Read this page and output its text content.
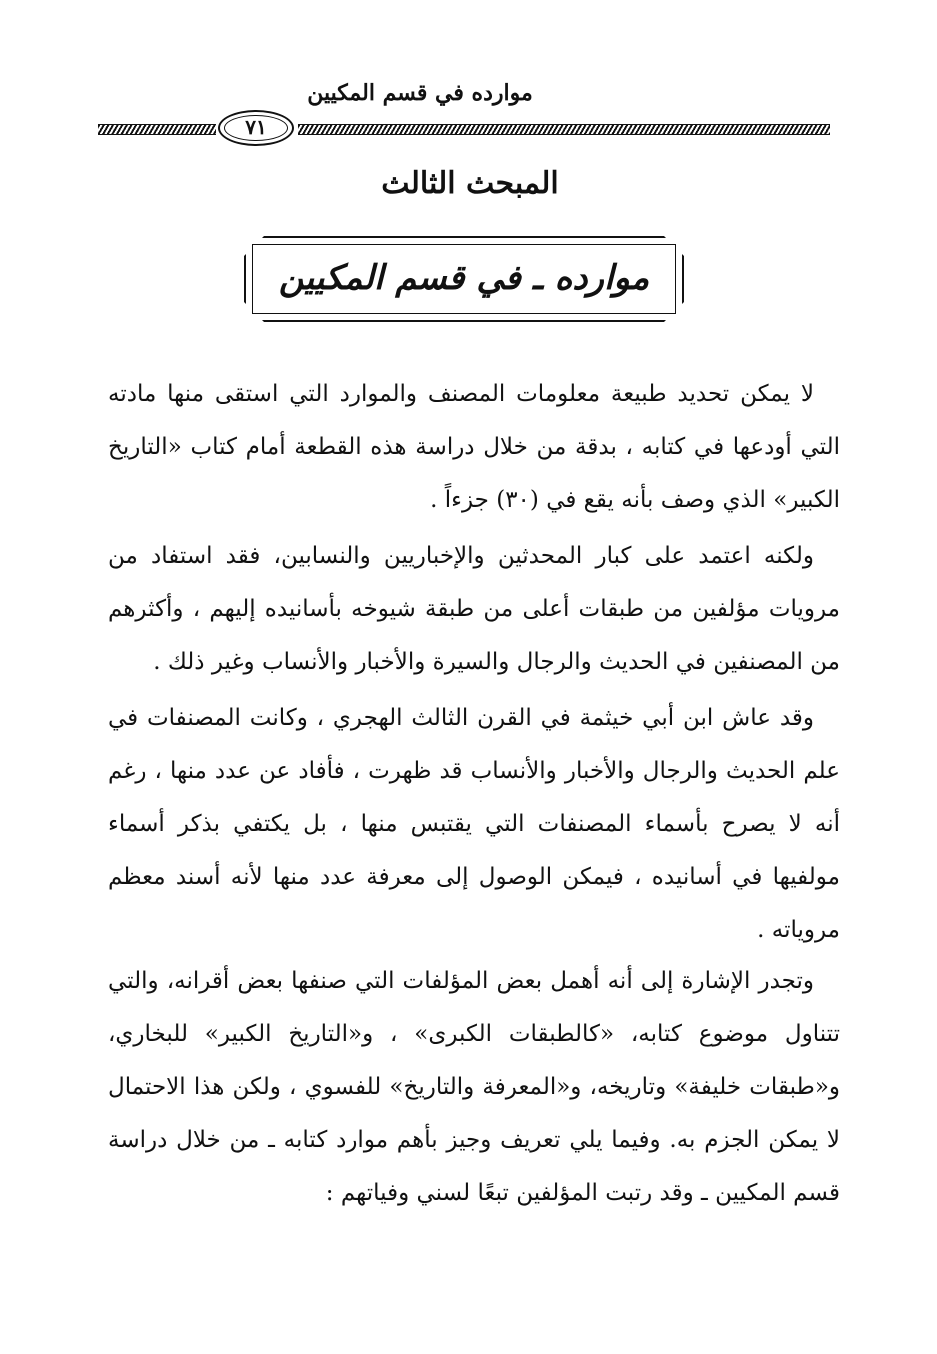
موارده في قسم المكيين
٧١
المبحث الثالث
موارده ـ في قسم المكيين

لا يمكن تحديد طبيعة معلومات المصنف والموارد التي استقى منها مادته التي أودعها في كتابه ، بدقة من خلال دراسة هذه القطعة أمام كتاب «التاريخ الكبير» الذي وصف بأنه يقع في (٣٠) جزءاً .

ولكنه اعتمد على كبار المحدثين والإخباريين والنسابين، فقد استفاد من مرويات مؤلفين من طبقات أعلى من طبقة شيوخه بأسانيده إليهم ، وأكثرهم من المصنفين في الحديث والرجال والسيرة والأخبار والأنساب وغير ذلك .

وقد عاش ابن أبي خيثمة في القرن الثالث الهجري ، وكانت المصنفات في علم الحديث والرجال والأخبار والأنساب قد ظهرت ، فأفاد عن عدد منها ، رغم أنه لا يصرح بأسماء المصنفات التي يقتبس منها ، بل يكتفي بذكر أسماء مولفيها في أسانيده ، فيمكن الوصول إلى معرفة عدد منها لأنه أسند معظم مروياته .

وتجدر الإشارة إلى أنه أهمل بعض المؤلفات التي صنفها بعض أقرانه، والتي تتناول موضوع كتابه، «كالطبقات الكبرى» ، و«التاريخ الكبير» للبخاري، و«طبقات خليفة» وتاريخه، و«المعرفة والتاريخ» للفسوي ، ولكن هذا الاحتمال لا يمكن الجزم به. وفيما يلي تعريف وجيز بأهم موارد كتابه ـ من خلال دراسة قسم المكيين ـ وقد رتبت المؤلفين تبعًا لسني وفياتهم :
